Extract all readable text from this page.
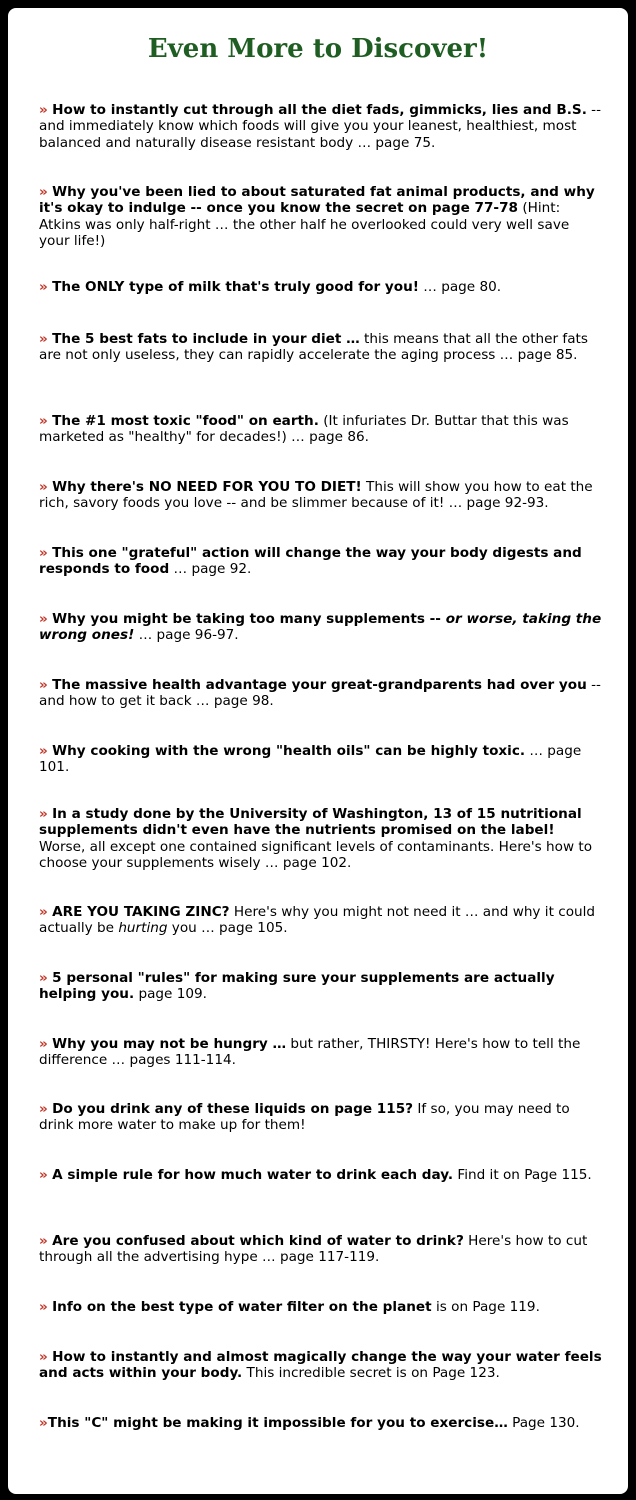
Even More to Discover!

» How to instantly cut through all the diet fads, gimmicks, lies and B.S. -- and immediately know which foods will give you your leanest, healthiest, most balanced and naturally disease resistant body … page 75.

» Why you've been lied to about saturated fat animal products, and why it's okay to indulge -- once you know the secret on page 77-78 (Hint: Atkins was only half-right … the other half he overlooked could very well save your life!)

» The ONLY type of milk that's truly good for you! … page 80.

» The 5 best fats to include in your diet … this means that all the other fats are not only useless, they can rapidly accelerate the aging process … page 85.

» The #1 most toxic "food" on earth. (It infuriates Dr. Buttar that this was marketed as "healthy" for decades!) … page 86.

» Why there's NO NEED FOR YOU TO DIET! This will show you how to eat the rich, savory foods you love -- and be slimmer because of it! … page 92-93.

» This one "grateful" action will change the way your body digests and responds to food … page 92.

» Why you might be taking too many supplements -- or worse, taking the wrong ones! … page 96-97.

» The massive health advantage your great-grandparents had over you -- and how to get it back … page 98.

» Why cooking with the wrong "health oils" can be highly toxic. … page 101.

» In a study done by the University of Washington, 13 of 15 nutritional supplements didn't even have the nutrients promised on the label! Worse, all except one contained significant levels of contaminants. Here's how to choose your supplements wisely … page 102.

» ARE YOU TAKING ZINC? Here's why you might not need it … and why it could actually be hurting you … page 105.

» 5 personal "rules" for making sure your supplements are actually helping you. page 109.

» Why you may not be hungry … but rather, THIRSTY! Here's how to tell the difference … pages 111-114.

» Do you drink any of these liquids on page 115? If so, you may need to drink more water to make up for them!

» A simple rule for how much water to drink each day. Find it on Page 115.

» Are you confused about which kind of water to drink? Here's how to cut through all the advertising hype … page 117-119.

» Info on the best type of water filter on the planet is on Page 119.

» How to instantly and almost magically change the way your water feels and acts within your body. This incredible secret is on Page 123.

»This "C" might be making it impossible for you to exercise… Page 130.
